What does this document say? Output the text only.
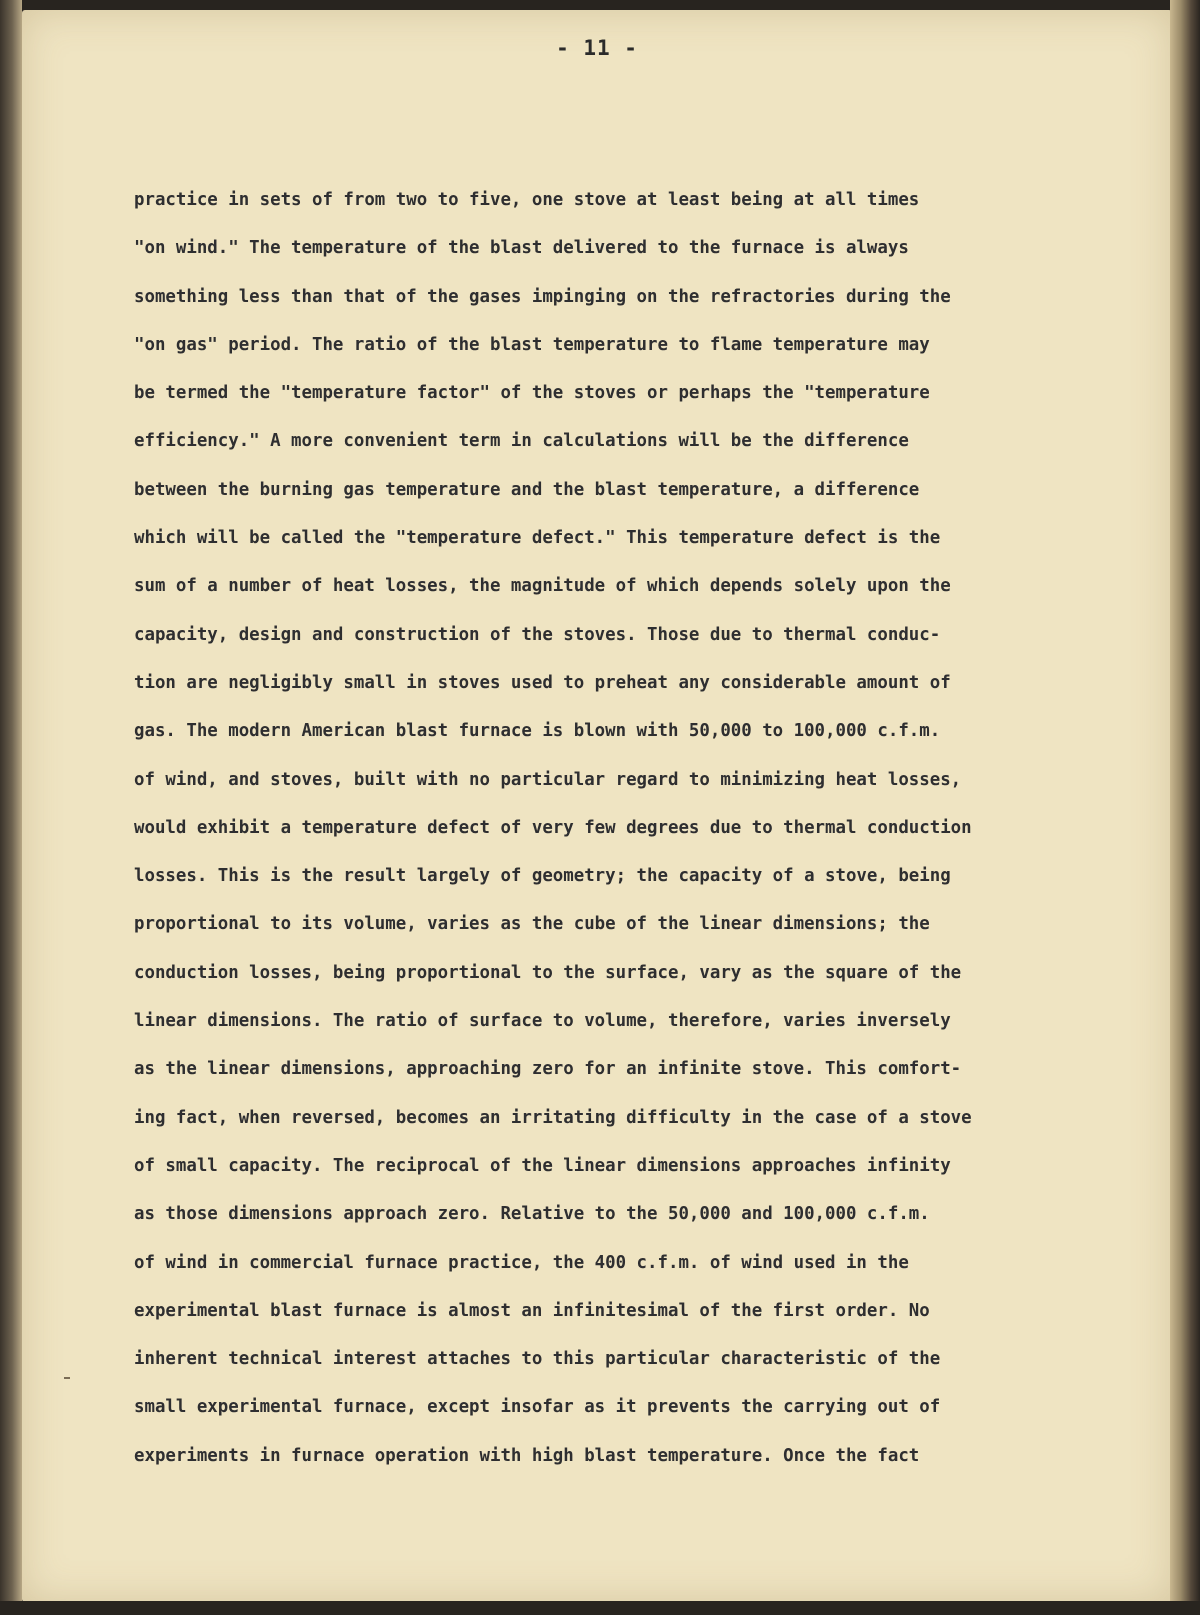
- 11 -
practice in sets of from two to five, one stove at least being at all times
"on wind." The temperature of the blast delivered to the furnace is always
something less than that of the gases impinging on the refractories during the
"on gas" period. The ratio of the blast temperature to flame temperature may
be termed the "temperature factor" of the stoves or perhaps the "temperature
efficiency." A more convenient term in calculations will be the difference
between the burning gas temperature and the blast temperature, a difference
which will be called the "temperature defect." This temperature defect is the
sum of a number of heat losses, the magnitude of which depends solely upon the
capacity, design and construction of the stoves. Those due to thermal conduc-
tion are negligibly small in stoves used to preheat any considerable amount of
gas. The modern American blast furnace is blown with 50,000 to 100,000 c.f.m.
of wind, and stoves, built with no particular regard to minimizing heat losses,
would exhibit a temperature defect of very few degrees due to thermal conduction
losses. This is the result largely of geometry; the capacity of a stove, being
proportional to its volume, varies as the cube of the linear dimensions; the
conduction losses, being proportional to the surface, vary as the square of the
linear dimensions. The ratio of surface to volume, therefore, varies inversely
as the linear dimensions, approaching zero for an infinite stove. This comfort-
ing fact, when reversed, becomes an irritating difficulty in the case of a stove
of small capacity. The reciprocal of the linear dimensions approaches infinity
as those dimensions approach zero. Relative to the 50,000 and 100,000 c.f.m.
of wind in commercial furnace practice, the 400 c.f.m. of wind used in the
experimental blast furnace is almost an infinitesimal of the first order. No
inherent technical interest attaches to this particular characteristic of the
small experimental furnace, except insofar as it prevents the carrying out of
experiments in furnace operation with high blast temperature. Once the fact
